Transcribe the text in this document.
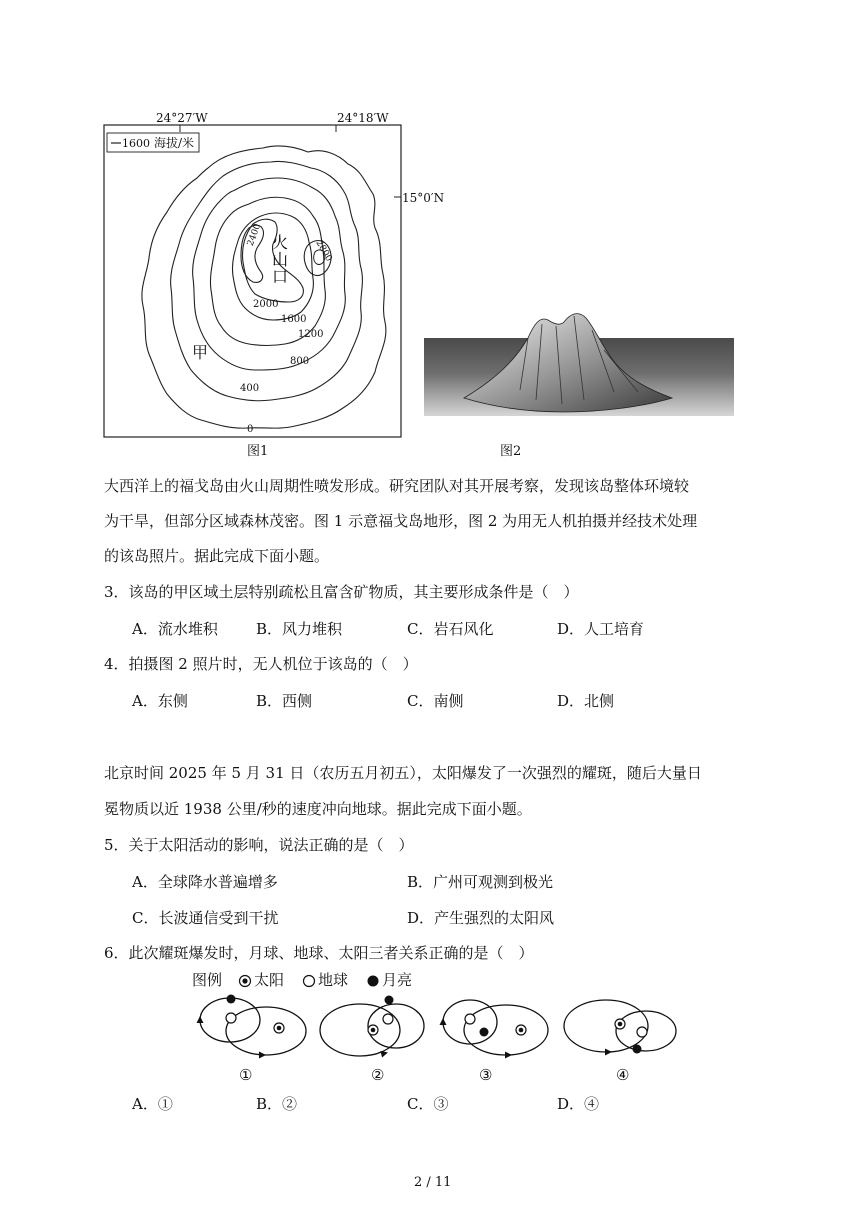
24°27′W	24°18′W
1600 海拔/米
15°0′N
火
山
口
甲
2400
2800
2000
1600
1200
800
400
0
图1	图2
大西洋上的福戈岛由火山周期性喷发形成。研究团队对其开展考察，发现该岛整体环境较
为干旱，但部分区域森林茂密。图 1 示意福戈岛地形，图 2 为用无人机拍摄并经技术处理
的该岛照片。据此完成下面小题。
3．该岛的甲区域土层特别疏松且富含矿物质，其主要形成条件是（　）
A．流水堆积	B．风力堆积	C．岩石风化	D．人工培育
4．拍摄图 2 照片时，无人机位于该岛的（　）
A．东侧	B．西侧	C．南侧	D．北侧
北京时间 2025 年 5 月 31 日（农历五月初五），太阳爆发了一次强烈的耀斑，随后大量日
冕物质以近 1938 公里/秒的速度冲向地球。据此完成下面小题。
5．关于太阳活动的影响，说法正确的是（　）
A．全球降水普遍增多	B．广州可观测到极光
C．长波通信受到干扰	D．产生强烈的太阳风
6．此次耀斑爆发时，月球、地球、太阳三者关系正确的是（　）
图例 太阳 地球 月亮
①	②	③	④
A．①	B．②	C．③	D．④
2 / 11
